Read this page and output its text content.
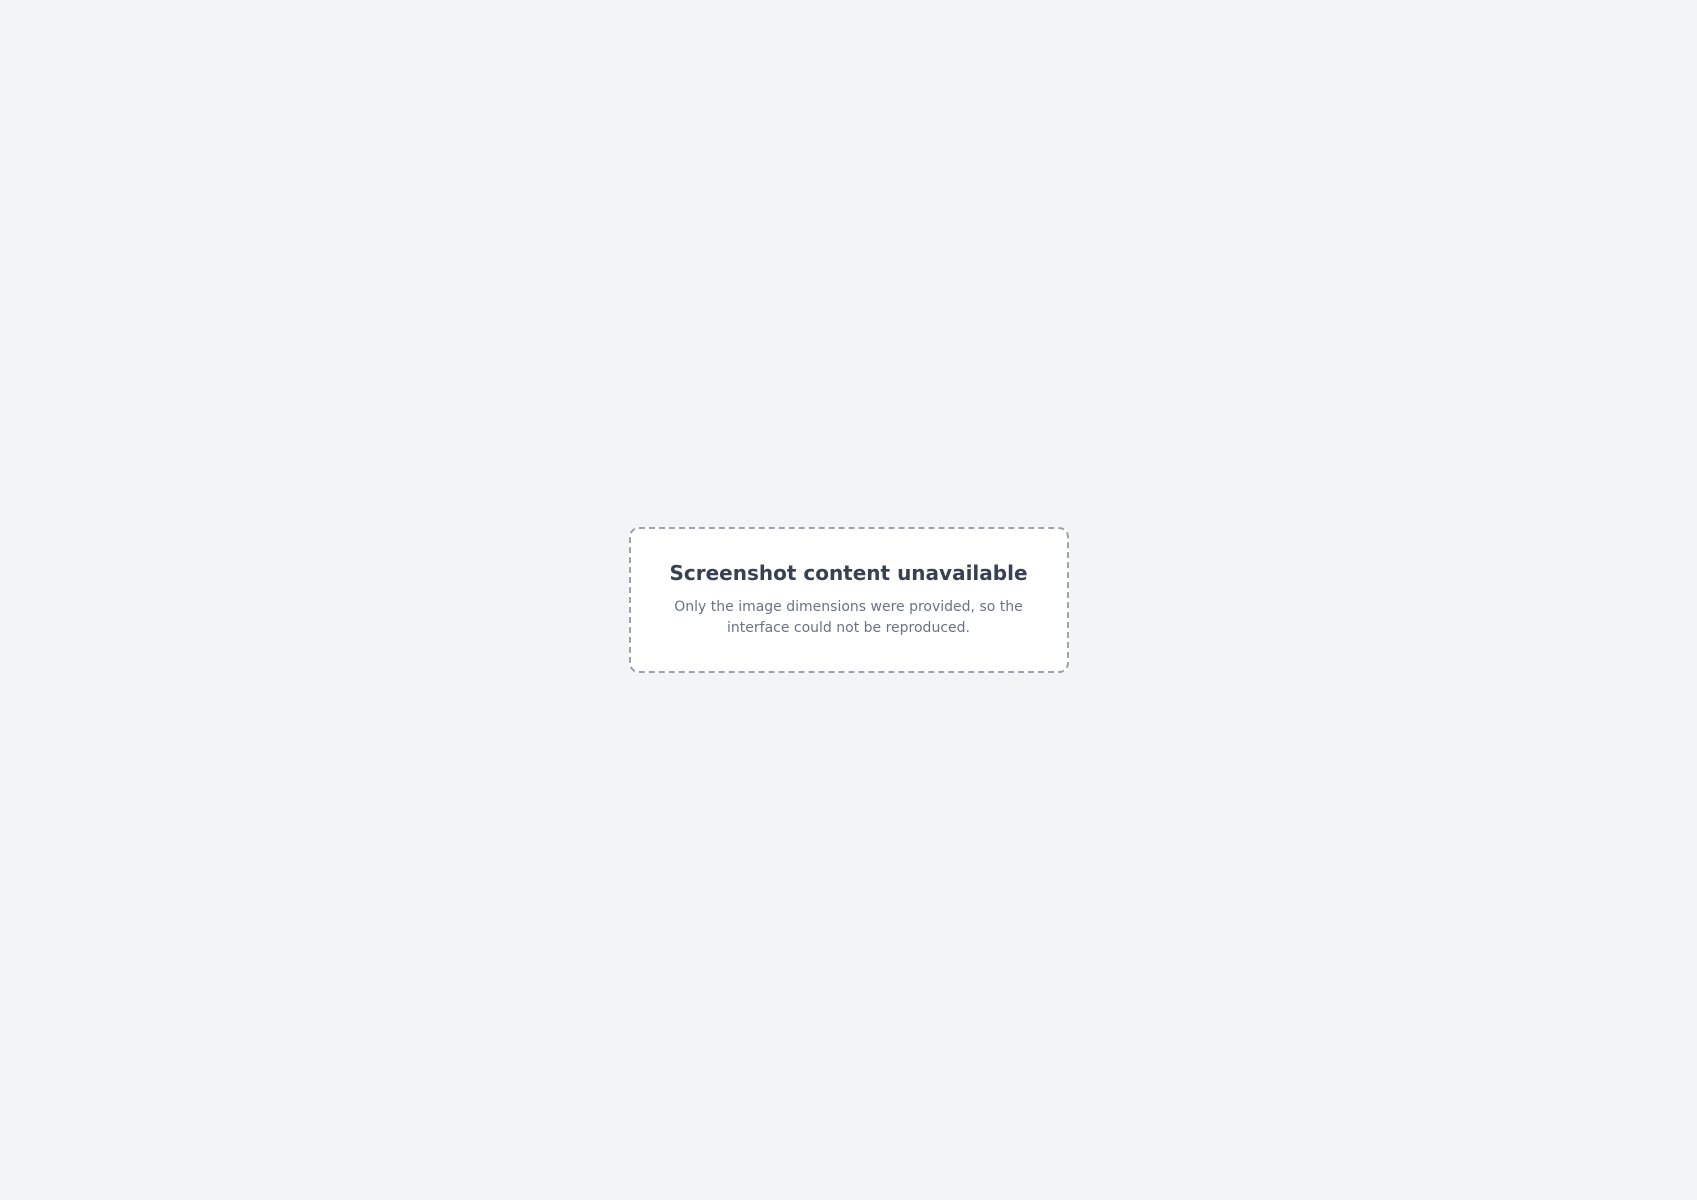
Screenshot content unavailable

Only the image dimensions were provided, so the interface could not be reproduced.
